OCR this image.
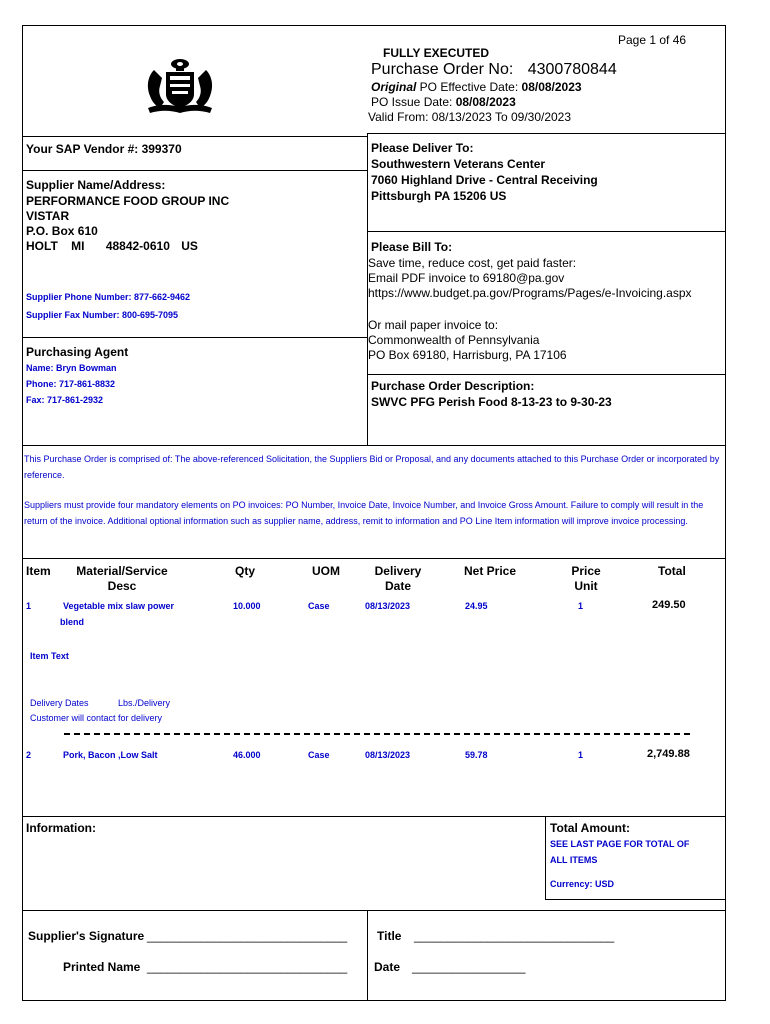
Page 1 of 46
FULLY EXECUTED
Purchase Order No: 4300780844
Original PO Effective Date: 08/08/2023
PO Issue Date: 08/08/2023
Valid From: 08/13/2023 To 09/30/2023
Your SAP Vendor #: 399370
Supplier Name/Address:
PERFORMANCE FOOD GROUP INC
VISTAR
P.O. Box 610
HOLT MI 48842-0610 US
Supplier Phone Number: 877-662-9462
Supplier Fax Number: 800-695-7095
Purchasing Agent
Name: Bryn Bowman
Phone: 717-861-8832
Fax: 717-861-2932
Please Deliver To:
Southwestern Veterans Center
7060 Highland Drive - Central Receiving
Pittsburgh PA 15206 US
Please Bill To:
Save time, reduce cost, get paid faster:
Email PDF invoice to 69180@pa.gov
https://www.budget.pa.gov/Programs/Pages/e-Invoicing.aspx
Or mail paper invoice to:
Commonwealth of Pennsylvania
PO Box 69180, Harrisburg, PA 17106
Purchase Order Description:
SWVC PFG Perish Food 8-13-23 to 9-30-23
This Purchase Order is comprised of: The above-referenced Solicitation, the Suppliers Bid or Proposal, and any documents attached to this Purchase Order or incorporated by reference.
Suppliers must provide four mandatory elements on PO invoices: PO Number, Invoice Date, Invoice Number, and Invoice Gross Amount. Failure to comply will result in the return of the invoice. Additional optional information such as supplier name, address, remit to information and PO Line Item information will improve invoice processing.
Item	Material/Service
Desc
Qty	UOM	Delivery
Date
Net Price	Price
Unit
Total
1	Vegetable mix slaw power
blend
10.000	Case	08/13/2023	24.95	1	249.50
Item Text
Delivery Dates	Lbs./Delivery
Customer will contact for delivery
2	Pork, Bacon ,Low Salt	46.000	Case	08/13/2023	59.78	1	2,749.88
Information:	Total Amount:
SEE LAST PAGE FOR TOTAL OF
ALL ITEMS
Currency: USD
Supplier's Signature ______________________________
Printed Name ______________________________
Title ______________________________
Date _________________
